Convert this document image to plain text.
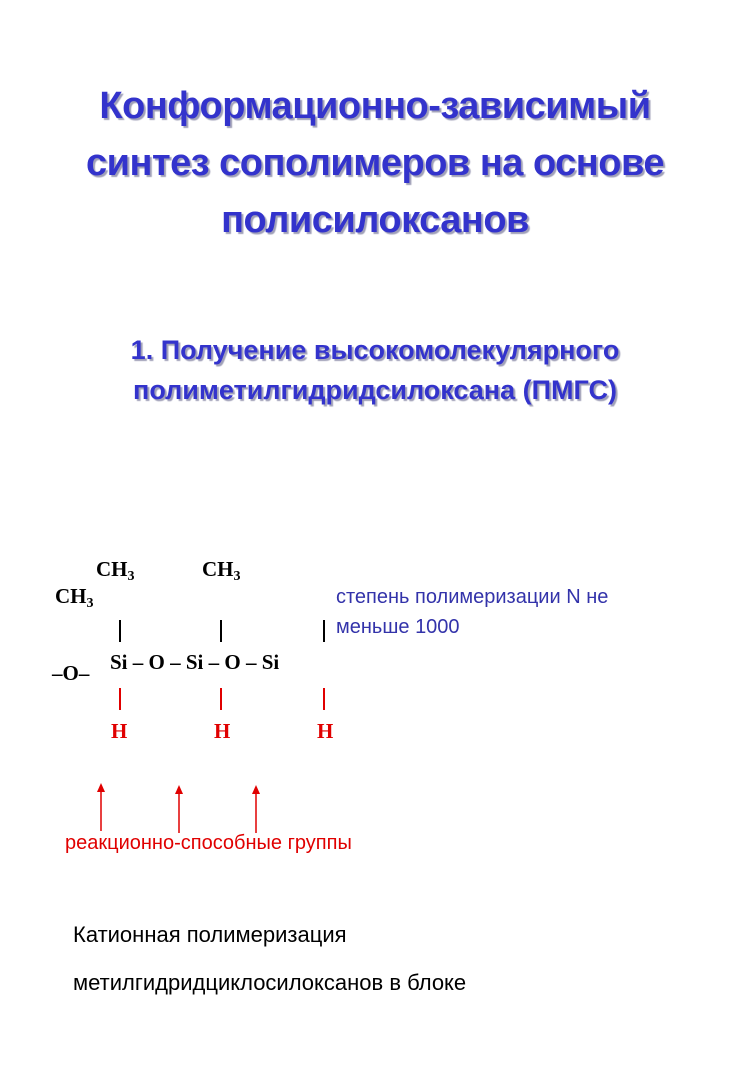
Конформационно-зависимый
синтез сополимеров на основе
полисилоксанов
1. Получение высокомолекулярного
полиметилгидридсилоксана (ПМГС)
$CH_3$	$CH_3$
$CH_3$
–O– Si – O – Si – O – Si
H	H	H
степень полимеризации N не
меньше 1000
реакционно-способные группы
Катионная полимеризация
метилгидридциклосилоксанов в блоке
